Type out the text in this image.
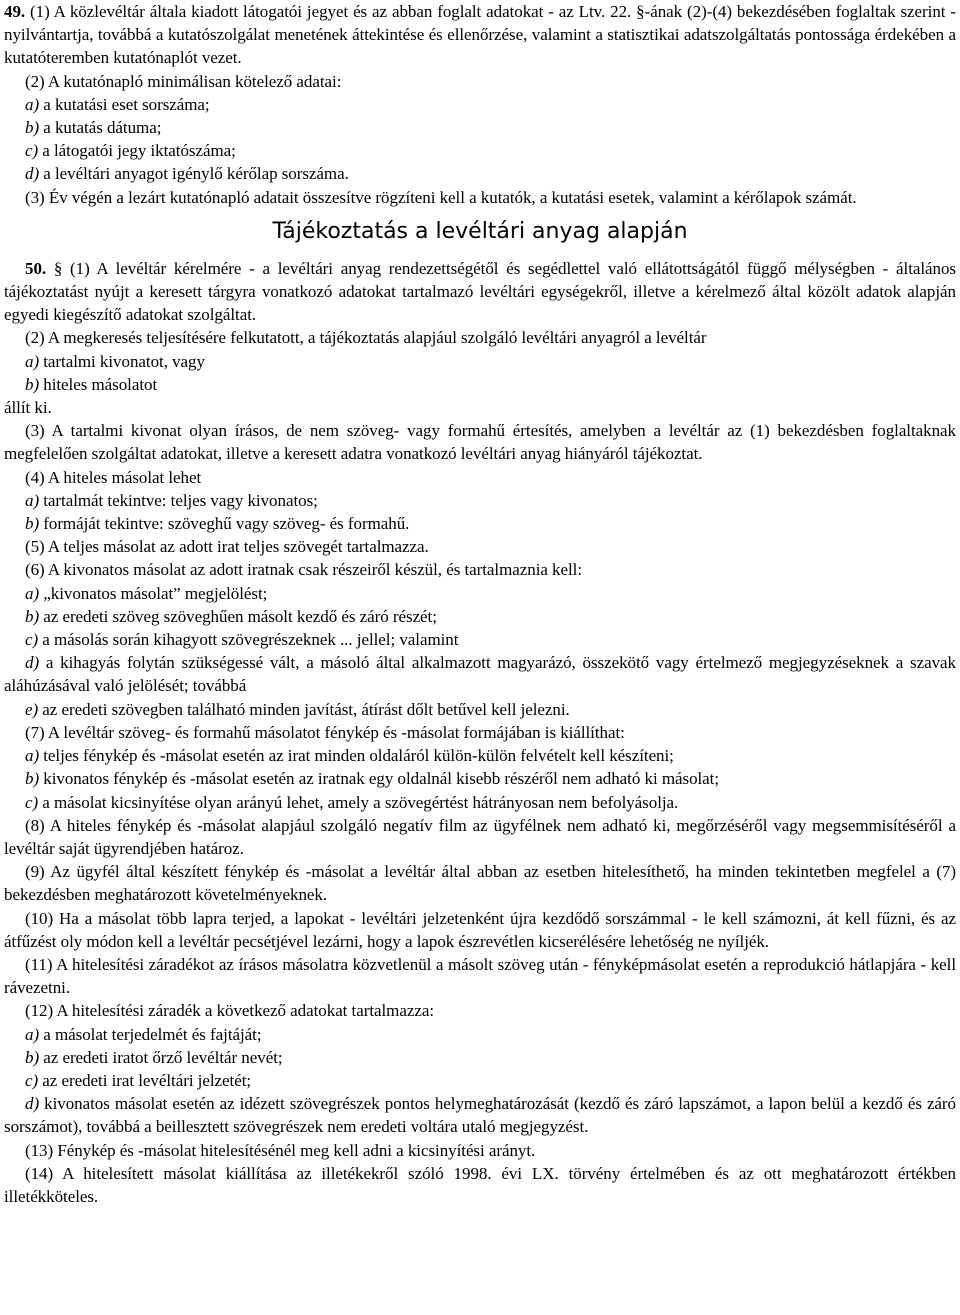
49. (1) A közlevéltár általa kiadott látogatói jegyet és az abban foglalt adatokat - az Ltv. 22. §-ának (2)-(4) bekezdésében foglaltak szerint - nyilvántartja, továbbá a kutatószolgálat menetének áttekintése és ellenőrzése, valamint a statisztikai adatszolgáltatás pontossága érdekében a kutatóteremben kutatónaplót vezet.

(2) A kutatónapló minimálisan kötelező adatai:

a) a kutatási eset sorszáma;

b) a kutatás dátuma;

c) a látogatói jegy iktatószáma;

d) a levéltári anyagot igénylő kérőlap sorszáma.

(3) Év végén a lezárt kutatónapló adatait összesítve rögzíteni kell a kutatók, a kutatási esetek, valamint a kérőlapok számát.

Tájékoztatás a levéltári anyag alapján

50. § (1) A levéltár kérelmére - a levéltári anyag rendezettségétől és segédlettel való ellátottságától függő mélységben - általános tájékoztatást nyújt a keresett tárgyra vonatkozó adatokat tartalmazó levéltári egységekről, illetve a kérelmező által közölt adatok alapján egyedi kiegészítő adatokat szolgáltat.

(2) A megkeresés teljesítésére felkutatott, a tájékoztatás alapjául szolgáló levéltári anyagról a levéltár

a) tartalmi kivonatot, vagy

b) hiteles másolatot

állít ki.

(3) A tartalmi kivonat olyan írásos, de nem szöveg- vagy formahű értesítés, amelyben a levéltár az (1) bekezdésben foglaltaknak megfelelően szolgáltat adatokat, illetve a keresett adatra vonatkozó levéltári anyag hiányáról tájékoztat.

(4) A hiteles másolat lehet

a) tartalmát tekintve: teljes vagy kivonatos;

b) formáját tekintve: szöveghű vagy szöveg- és formahű.

(5) A teljes másolat az adott irat teljes szövegét tartalmazza.

(6) A kivonatos másolat az adott iratnak csak részeiről készül, és tartalmaznia kell:

a) „kivonatos másolat” megjelölést;

b) az eredeti szöveg szöveghűen másolt kezdő és záró részét;

c) a másolás során kihagyott szövegrészeknek ... jellel; valamint

d) a kihagyás folytán szükségessé vált, a másoló által alkalmazott magyarázó, összekötő vagy értelmező megjegyzéseknek a szavak aláhúzásával való jelölését; továbbá

e) az eredeti szövegben található minden javítást, átírást dőlt betűvel kell jelezni.

(7) A levéltár szöveg- és formahű másolatot fénykép és -másolat formájában is kiállíthat:

a) teljes fénykép és -másolat esetén az irat minden oldaláról külön-külön felvételt kell készíteni;

b) kivonatos fénykép és -másolat esetén az iratnak egy oldalnál kisebb részéről nem adható ki másolat;

c) a másolat kicsinyítése olyan arányú lehet, amely a szövegértést hátrányosan nem befolyásolja.

(8) A hiteles fénykép és -másolat alapjául szolgáló negatív film az ügyfélnek nem adható ki, megőrzéséről vagy megsemmisítéséről a levéltár saját ügyrendjében határoz.

(9) Az ügyfél által készített fénykép és -másolat a levéltár által abban az esetben hitelesíthető, ha minden tekintetben megfelel a (7) bekezdésben meghatározott követelményeknek.

(10) Ha a másolat több lapra terjed, a lapokat - levéltári jelzetenként újra kezdődő sorszámmal - le kell számozni, át kell fűzni, és az átfűzést oly módon kell a levéltár pecsétjével lezárni, hogy a lapok észrevétlen kicserélésére lehetőség ne nyíljék.

(11) A hitelesítési záradékot az írásos másolatra közvetlenül a másolt szöveg után - fényképmásolat esetén a reprodukció hátlapjára - kell rávezetni.

(12) A hitelesítési záradék a következő adatokat tartalmazza:

a) a másolat terjedelmét és fajtáját;

b) az eredeti iratot őrző levéltár nevét;

c) az eredeti irat levéltári jelzetét;

d) kivonatos másolat esetén az idézett szövegrészek pontos helymeghatározását (kezdő és záró lapszámot, a lapon belül a kezdő és záró sorszámot), továbbá a beillesztett szövegrészek nem eredeti voltára utaló megjegyzést.

(13) Fénykép és -másolat hitelesítésénél meg kell adni a kicsinyítési arányt.

(14) A hitelesített másolat kiállítása az illetékekről szóló 1998. évi LX. törvény értelmében és az ott meghatározott értékben illetékköteles.
